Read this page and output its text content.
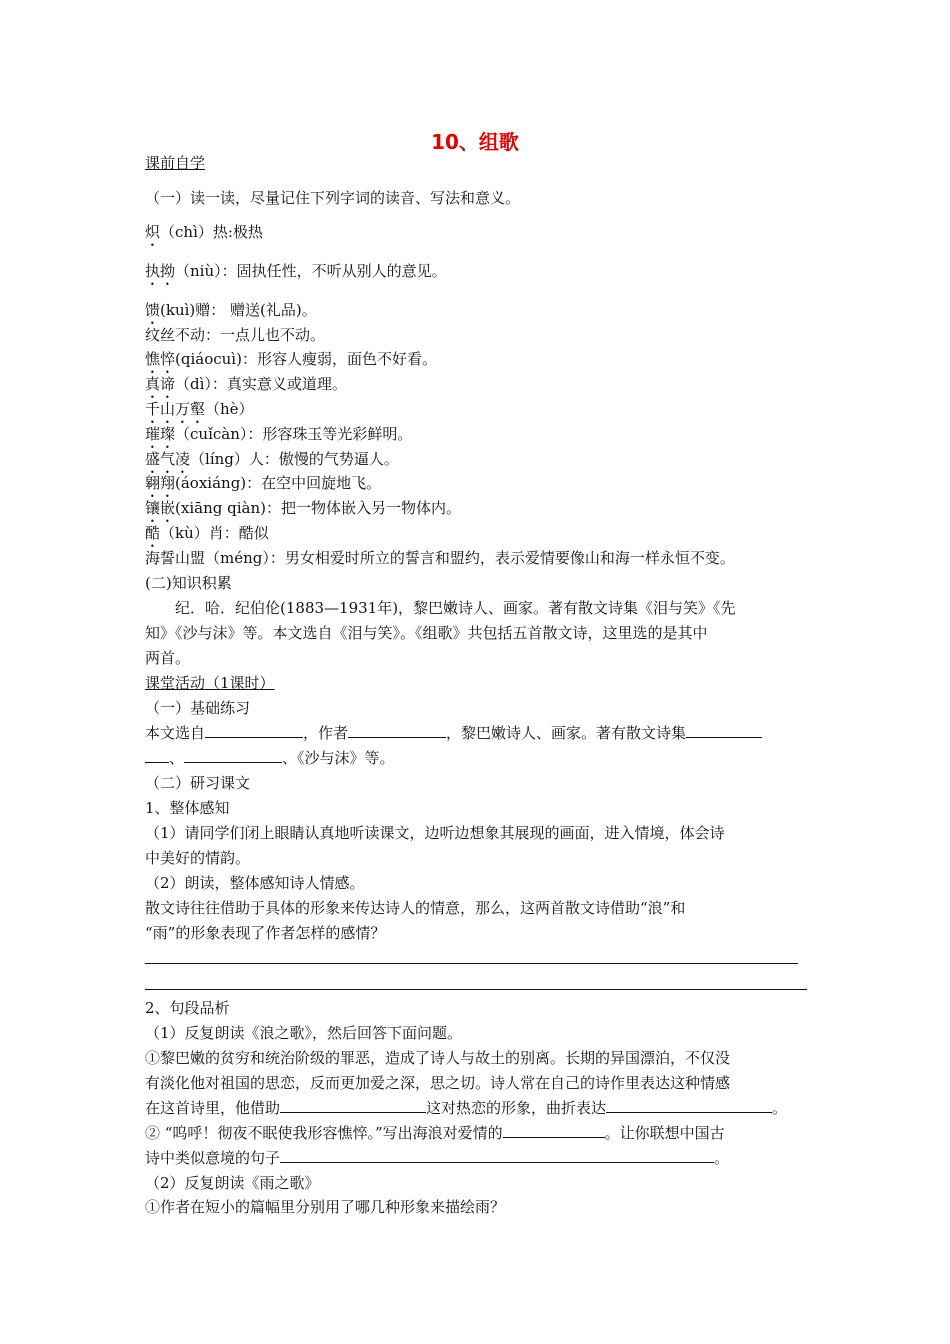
10、组歌
课前自学
（一）读一读，尽量记住下列字词的读音、写法和意义。
炽（chì）热:极热
执拗（niù）：固执任性，不听从别人的意见。
馈(kuì)赠： 赠送(礼品)。
纹丝不动：一点儿也不动。
憔悴(qiáocuì)：形容人瘦弱，面色不好看。
真谛（dì）：真实意义或道理。
千山万壑（hè）
璀璨（cuǐcàn）：形容珠玉等光彩鲜明。
盛气凌（líng）人：傲慢的气势逼人。
翱翔(áoxiáng)：在空中回旋地飞。
镶嵌(xiāng qiàn)：把一物体嵌入另一物体内。
酷（kù）肖：酷似
海誓山盟（méng）：男女相爱时所立的誓言和盟约，表示爱情要像山和海一样永恒不变。
(二)知识积累
纪．哈．纪伯伦(1883—1931年)，黎巴嫩诗人、画家。著有散文诗集《泪与笑》《先
知》《沙与沫》等。本文选自《泪与笑》。《组歌》共包括五首散文诗，这里选的是其中
两首。
课堂活动（1课时）
（一）基础练习
本文选自	，作者	，黎巴嫩诗人、画家。著有散文诗集
、	、《沙与沫》等。
（二）研习课文
1、整体感知
（1）请同学们闭上眼睛认真地听读课文，边听边想象其展现的画面，进入情境，体会诗
中美好的情韵。
（2）朗读，整体感知诗人情感。
散文诗往往借助于具体的形象来传达诗人的情意，那么，这两首散文诗借助“浪”和
“雨”的形象表现了作者怎样的感情？
2、句段品析
（1）反复朗读《浪之歌》，然后回答下面问题。
①黎巴嫩的贫穷和统治阶级的罪恶，造成了诗人与故土的别离。长期的异国漂泊，不仅没
有淡化他对祖国的思恋，反而更加爱之深，思之切。诗人常在自己的诗作里表达这种情感
在这首诗里，他借助	这对热恋的形象，曲折表达	。
② “呜呼！彻夜不眠使我形容憔悴。”写出海浪对爱情的	。让你联想中国古
诗中类似意境的句子	。
（2）反复朗读《雨之歌》
①作者在短小的篇幅里分别用了哪几种形象来描绘雨？
